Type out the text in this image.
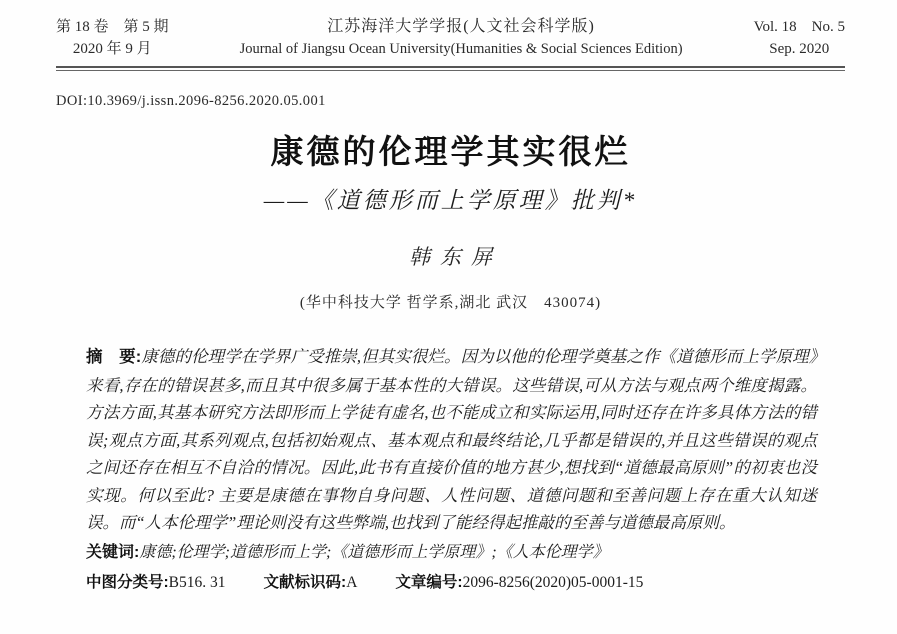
第 18 卷　第 5 期
2020 年 9 月
江苏海洋大学学报(人文社会科学版)
Journal of Jiangsu Ocean University(Humanities & Social Sciences Edition)
Vol. 18　No. 5
Sep. 2020
DOI:10.3969/j.issn.2096-8256.2020.05.001
康德的伦理学其实很烂
——《道德形而上学原理》批判*
韩东屏
(华中科技大学 哲学系,湖北 武汉　430074)

摘　要:康德的伦理学在学界广受推崇,但其实很烂。因为以他的伦理学奠基之作《道德形而上学原理》来看,存在的错误甚多,而且其中很多属于基本性的大错误。这些错误,可从方法与观点两个维度揭露。方法方面,其基本研究方法即形而上学徒有虚名,也不能成立和实际运用,同时还存在许多具体方法的错误;观点方面,其系列观点,包括初始观点、基本观点和最终结论,几乎都是错误的,并且这些错误的观点之间还存在相互不自洽的情况。因此,此书有直接价值的地方甚少,想找到“道德最高原则”的初衷也没实现。何以至此? 主要是康德在事物自身问题、人性问题、道德问题和至善问题上存在重大认知迷误。而“人本伦理学”理论则没有这些弊端,也找到了能经得起推敲的至善与道德最高原则。

关键词:康德;伦理学;道德形而上学;《道德形而上学原理》;《人本伦理学》

中图分类号:B516. 31 文献标识码:A 文章编号:2096-8256(2020)05-0001-15
